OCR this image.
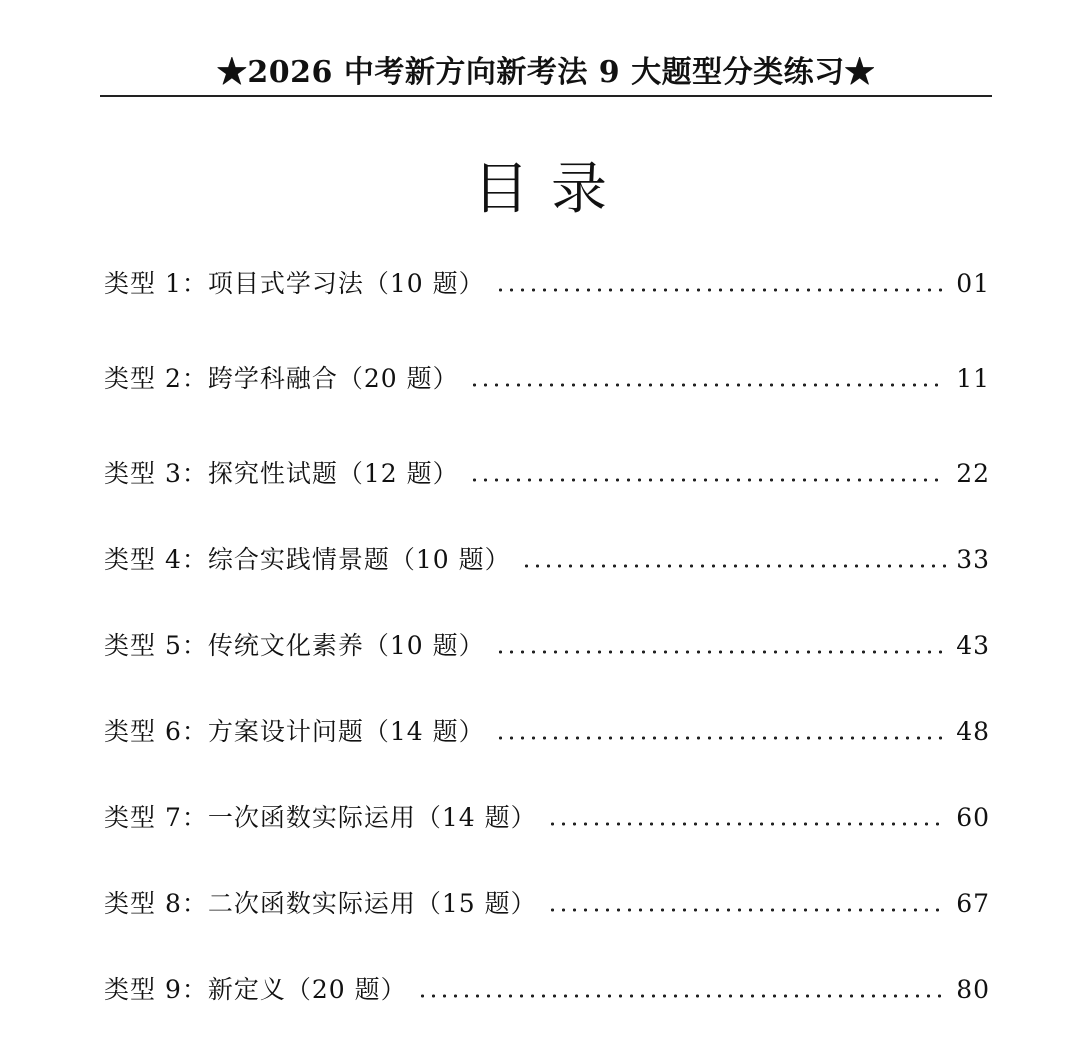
★2026 中考新方向新考法 9 大题型分类练习★
目录
类型 1：项目式学习法（10 题）	01
类型 2：跨学科融合（20 题）	11
类型 3：探究性试题（12 题）	22
类型 4：综合实践情景题（10 题）	33
类型 5：传统文化素养（10 题）	43
类型 6：方案设计问题（14 题）	48
类型 7：一次函数实际运用（14 题）	60
类型 8：二次函数实际运用（15 题）	67
类型 9：新定义（20 题）	80
